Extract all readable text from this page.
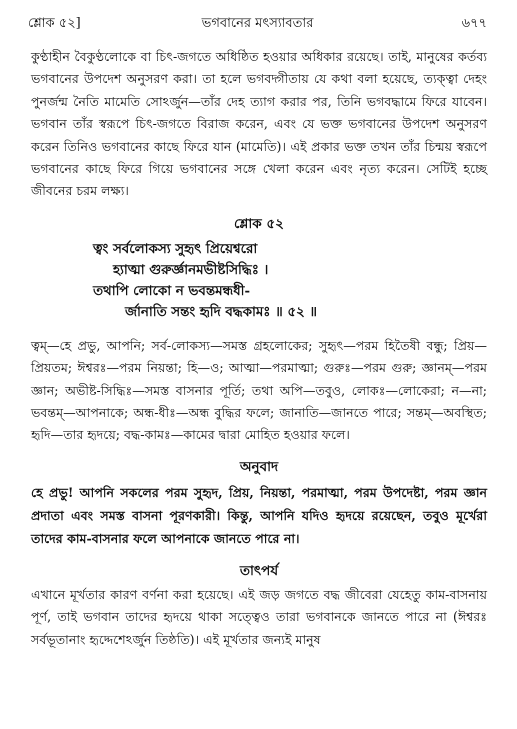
শ্লোক ৫২]	ভগবানের মৎস্যাবতার	৬৭৭

কুণ্ঠাহীন বৈকুণ্ঠলোকে বা চিৎ-জগতে অধিষ্ঠিত হওয়ার অধিকার রয়েছে। তাই, মানুষের কর্তব্য ভগবানের উপদেশ অনুসরণ করা। তা হলে ভগবদ্গীতায় যে কথা বলা হয়েছে, ত্যক্ত্বা দেহং পুনর্জন্ম নৈতি মামেতি সোঽর্জুন—তাঁর দেহ ত্যাগ করার পর, তিনি ভগবদ্ধামে ফিরে যাবেন। ভগবান তাঁর স্বরূপে চিৎ-জগতে বিরাজ করেন, এবং যে ভক্ত ভগবানের উপদেশ অনুসরণ করেন তিনিও ভগবানের কাছে ফিরে যান (মামেতি)। এই প্রকার ভক্ত তখন তাঁর চিন্ময় স্বরূপে ভগবানের কাছে ফিরে গিয়ে ভগবানের সঙ্গে খেলা করেন এবং নৃত্য করেন। সেটিই হচ্ছে জীবনের চরম লক্ষ্য।

শ্লোক ৫২
ত্বং সর্বলোকস্য সুহৃৎ প্রিয়েশ্বরো
হ্যাত্মা গুরুর্জ্ঞানমভীষ্টসিদ্ধিঃ ।
তথাপি লোকো ন ভবন্তমন্ধধী-
র্জানাতি সন্তং হৃদি বদ্ধকামঃ ॥ ৫২ ॥

ত্বম্—হে প্রভু, আপনি; সর্ব-লোকস্য—সমস্ত গ্রহলোকের; সুহৃৎ—পরম হিতৈষী বন্ধু; প্রিয়—প্রিয়তম; ঈশ্বরঃ—পরম নিয়ন্তা; হি—ও; আত্মা—পরমাত্মা; গুরুঃ—পরম গুরু; জ্ঞানম্—পরম জ্ঞান; অভীষ্ট-সিদ্ধিঃ—সমস্ত বাসনার পূর্তি; তথা অপি—তবুও, লোকঃ—লোকেরা; ন—না; ভবন্তম্—আপনাকে; অন্ধ-ধীঃ—অন্ধ বুদ্ধির ফলে; জানাতি—জানতে পারে; সন্তম্—অবস্থিত; হৃদি—তার হৃদয়ে; বদ্ধ-কামঃ—কামের দ্বারা মোহিত হওয়ার ফলে।

অনুবাদ

হে প্রভু! আপনি সকলের পরম সুহৃদ, প্রিয়, নিয়ন্তা, পরমাত্মা, পরম উপদেষ্টা, পরম জ্ঞান প্রদাতা এবং সমস্ত বাসনা পূরণকারী। কিন্তু, আপনি যদিও হৃদয়ে রয়েছেন, তবুও মূর্খেরা তাদের কাম-বাসনার ফলে আপনাকে জানতে পারে না।

তাৎপর্য

এখানে মূর্খতার কারণ বর্ণনা করা হয়েছে। এই জড় জগতে বদ্ধ জীবেরা যেহেতু কাম-বাসনায় পূর্ণ, তাই ভগবান তাদের হৃদয়ে থাকা সত্ত্বেও তারা ভগবানকে জানতে পারে না (ঈশ্বরঃ সর্বভূতানাং হৃদ্দেশেঽর্জুন তিষ্ঠতি)। এই মূর্খতার জন্যই মানুষ
